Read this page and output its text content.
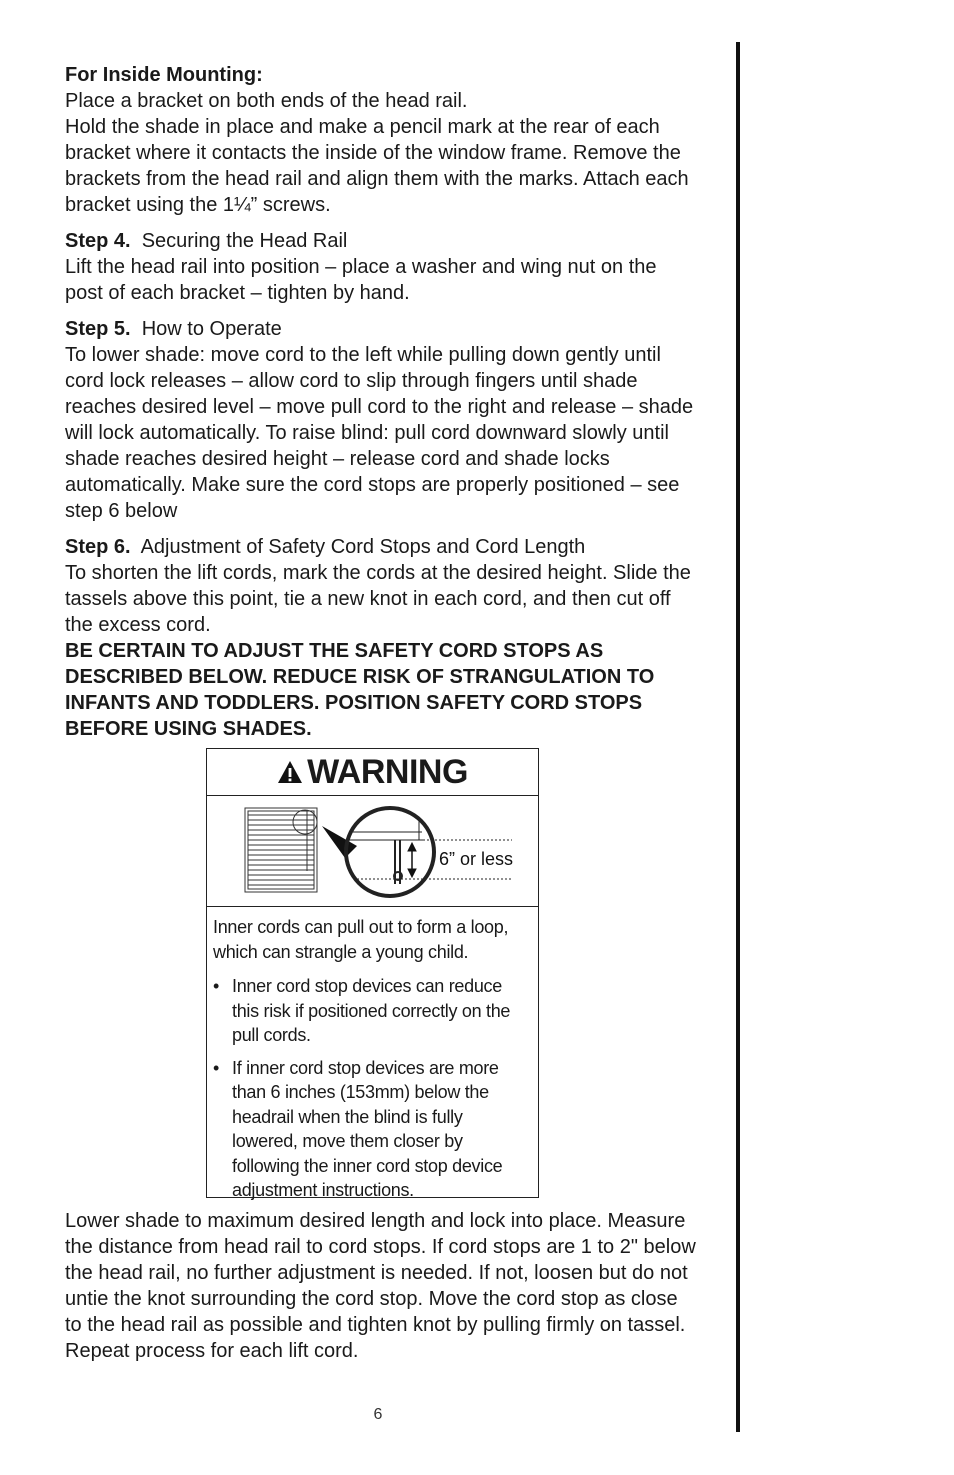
For Inside Mounting:

Place a bracket on both ends of the head rail.

Hold the shade in place and make a pencil mark at the rear of each bracket where it contacts the inside of the window frame. Remove the brackets from the head rail and align them with the marks. Attach each bracket using the 1¼” screws.

Step 4. Securing the Head Rail

Lift the head rail into position – place a washer and wing nut on the post of each bracket – tighten by hand.

Step 5. How to Operate

To lower shade: move cord to the left while pulling down gently until cord lock releases – allow cord to slip through fingers until shade reaches desired level – move pull cord to the right and release – shade will lock automatically. To raise blind: pull cord downward slowly until shade reaches desired height – release cord and shade locks automatically. Make sure the cord stops are properly positioned – see step 6 below

Step 6. Adjustment of Safety Cord Stops and Cord Length

To shorten the lift cords, mark the cords at the desired height. Slide the tassels above this point, tie a new knot in each cord, and then cut off the excess cord.

BE CERTAIN TO ADJUST THE SAFETY CORD STOPS AS DESCRIBED BELOW. REDUCE RISK OF STRANGULATION TO INFANTS AND TODDLERS. POSITION SAFETY CORD STOPS BEFORE USING SHADES.

WARNING
6” or less

Inner cords can pull out to form a loop, which can strangle a young child.

• Inner cord stop devices can reduce this risk if positioned correctly on the pull cords.
• If inner cord stop devices are more than 6 inches (153mm) below the headrail when the blind is fully lowered, move them closer by following the inner cord stop device adjustment instructions.

Lower shade to maximum desired length and lock into place. Measure the distance from head rail to cord stops. If cord stops are 1 to 2" below the head rail, no further adjustment is needed. If not, loosen but do not untie the knot surrounding the cord stop. Move the cord stop as close to the head rail as possible and tighten knot by pulling firmly on tassel. Repeat process for each lift cord.

6
